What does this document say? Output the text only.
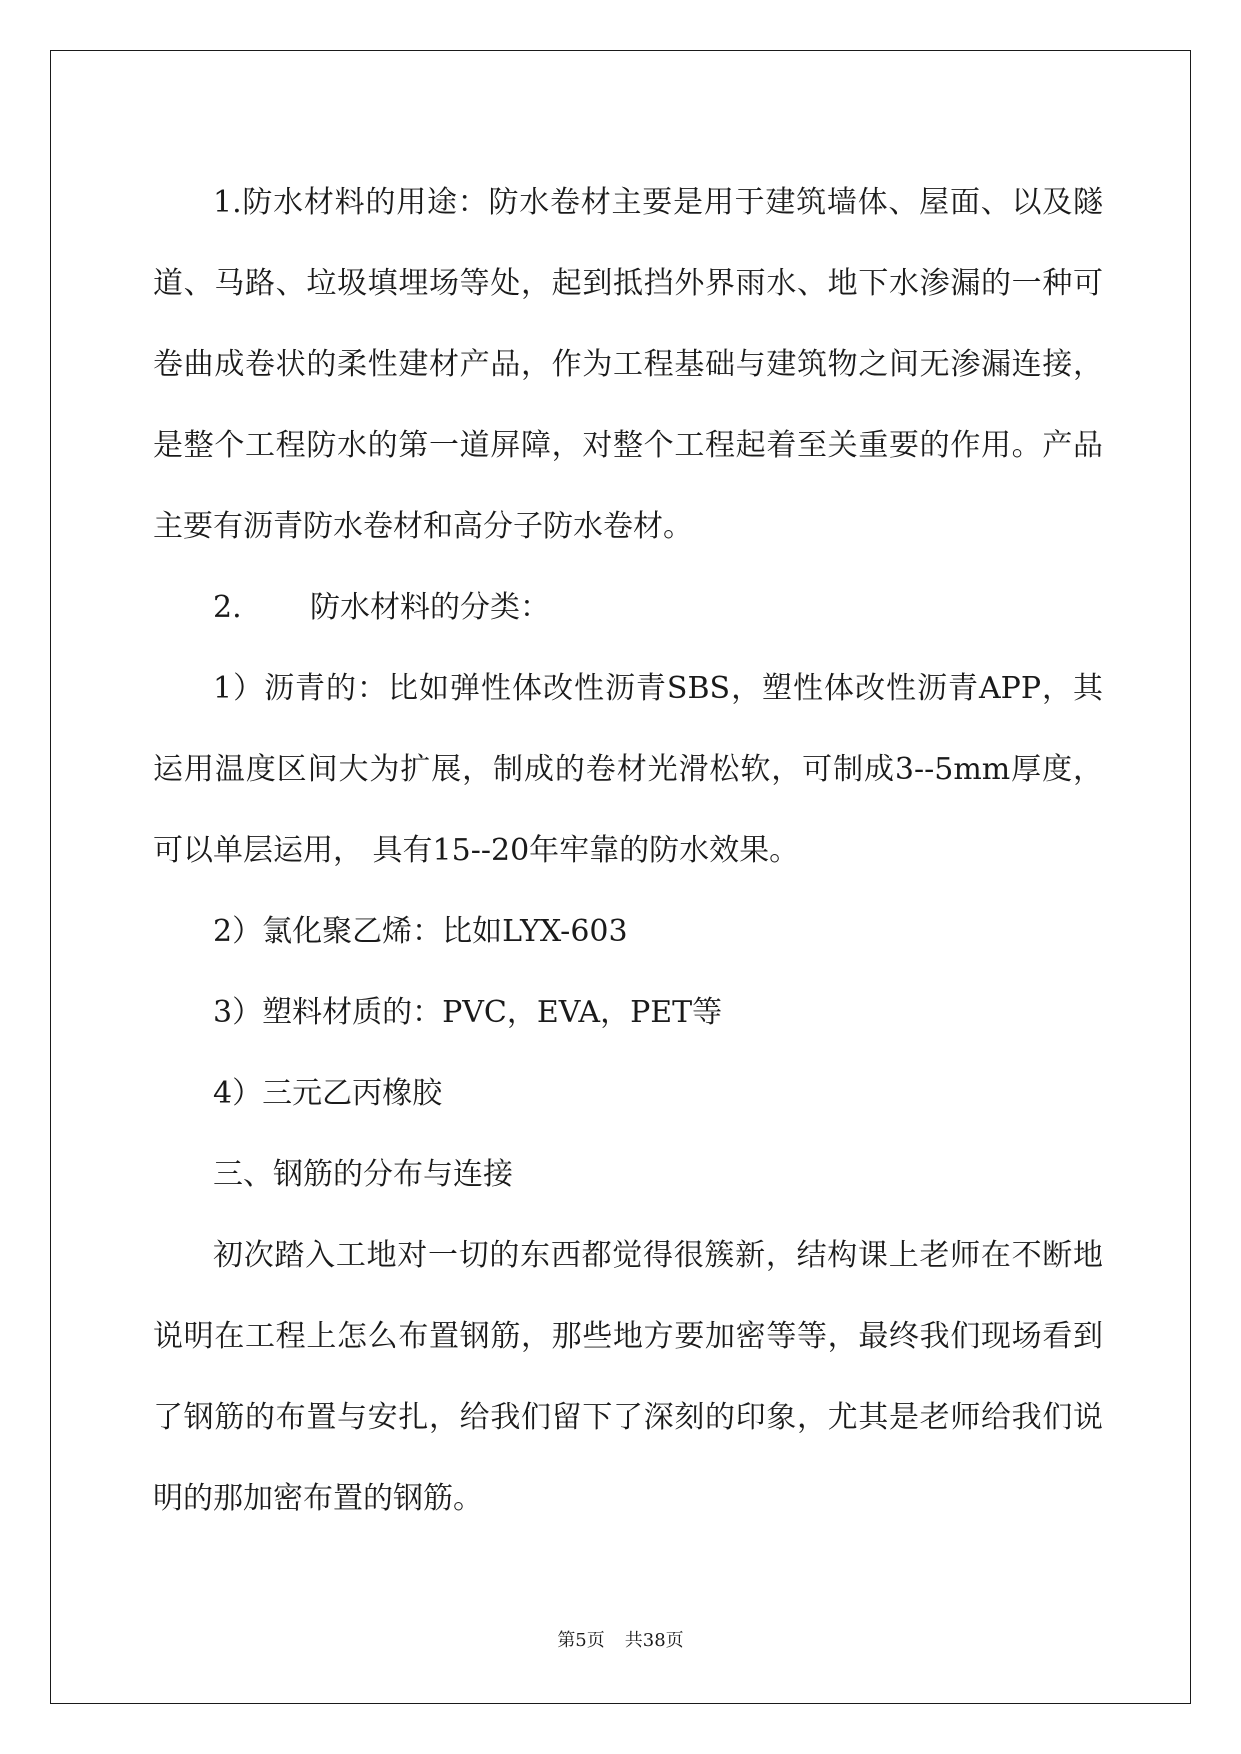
1.防水材料的用途：防水卷材主要是用于建筑墙体、屋面、以及隧道、马路、垃圾填埋场等处，起到抵挡外界雨水、地下水渗漏的一种可卷曲成卷状的柔性建材产品，作为工程基础与建筑物之间无渗漏连接，是整个工程防水的第一道屏障，对整个工程起着至关重要的作用。产品主要有沥青防水卷材和高分子防水卷材。

2. 防水材料的分类：

1）沥青的：比如弹性体改性沥青SBS，塑性体改性沥青APP，其运用温度区间大为扩展，制成的卷材光滑松软，可制成3--5mm厚度，可以单层运用， 具有15--20年牢靠的防水效果。

2）氯化聚乙烯：比如LYX-603

3）塑料材质的：PVC，EVA，PET等

4）三元乙丙橡胶

三、钢筋的分布与连接

初次踏入工地对一切的东西都觉得很簇新，结构课上老师在不断地说明在工程上怎么布置钢筋，那些地方要加密等等，最终我们现场看到了钢筋的布置与安扎，给我们留下了深刻的印象，尤其是老师给我们说明的那加密布置的钢筋。

第5页 共38页
